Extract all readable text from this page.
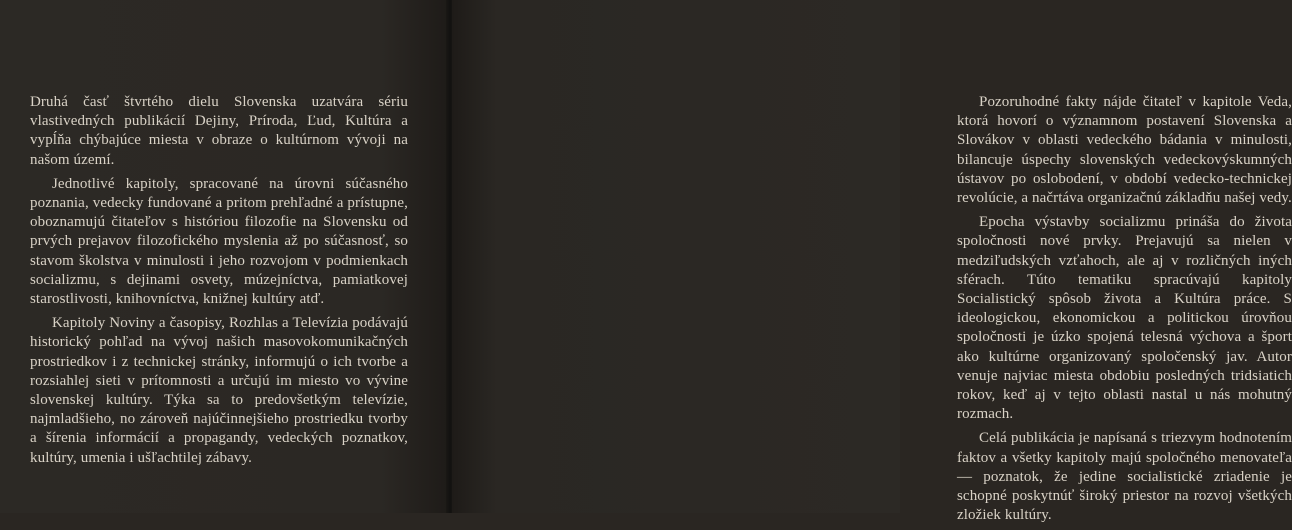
Druhá časť štvrtého dielu Slovenska uzatvára sériu vlastivedných publikácií Dejiny, Príroda, Ľud, Kultúra a vypĺňa chýbajúce miesta v obraze o kultúrnom vývoji na našom území.

Jednotlivé kapitoly, spracované na úrovni súčasného poznania, vedecky fundované a pritom prehľadné a prístupne, oboznamujú čitateľov s históriou filozofie na Slovensku od prvých prejavov filozofického myslenia až po súčasnosť, so stavom školstva v minulosti i jeho rozvojom v podmienkach socializmu, s dejinami osvety, múzejníctva, pamiatkovej starostlivosti, knihovníctva, knižnej kultúry atď.

Kapitoly Noviny a časopisy, Rozhlas a Televízia podávajú historický pohľad na vývoj našich masovokomunikačných prostriedkov i z technickej stránky, informujú o ich tvorbe a rozsiahlej sieti v prítomnosti a určujú im miesto vo vývine slovenskej kultúry. Týka sa to predovšetkým televízie, najmladšieho, no zároveň najúčinnejšieho prostriedku tvorby a šírenia informácií a propagandy, vedeckých poznatkov, kultúry, umenia i ušľachtilej zábavy.

Pozoruhodné fakty nájde čitateľ v kapitole Veda, ktorá hovorí o významnom postavení Slovenska a Slovákov v oblasti vedeckého bádania v minulosti, bilancuje úspechy slovenských vedeckovýskumných ústavov po oslobodení, v období vedecko-technickej revolúcie, a načrtáva organizačnú základňu našej vedy.

Epocha výstavby socializmu prináša do života spoločnosti nové prvky. Prejavujú sa nielen v medziľudských vzťahoch, ale aj v rozličných iných sférach. Túto tematiku spracúvajú kapitoly Socialistický spôsob života a Kultúra práce. S ideologickou, ekonomickou a politickou úrovňou spoločnosti je úzko spojená telesná výchova a šport ako kultúrne organizovaný spoločenský jav. Autor venuje najviac miesta obdobiu posledných tridsiatich rokov, keď aj v tejto oblasti nastal u nás mohutný rozmach.

Celá publikácia je napísaná s triezvym hodnotením faktov a všetky kapitoly majú spoločného menovateľa — poznatok, že jedine socialistické zriadenie je schopné poskytnúť široký priestor na rozvoj všetkých zložiek kultúry.
